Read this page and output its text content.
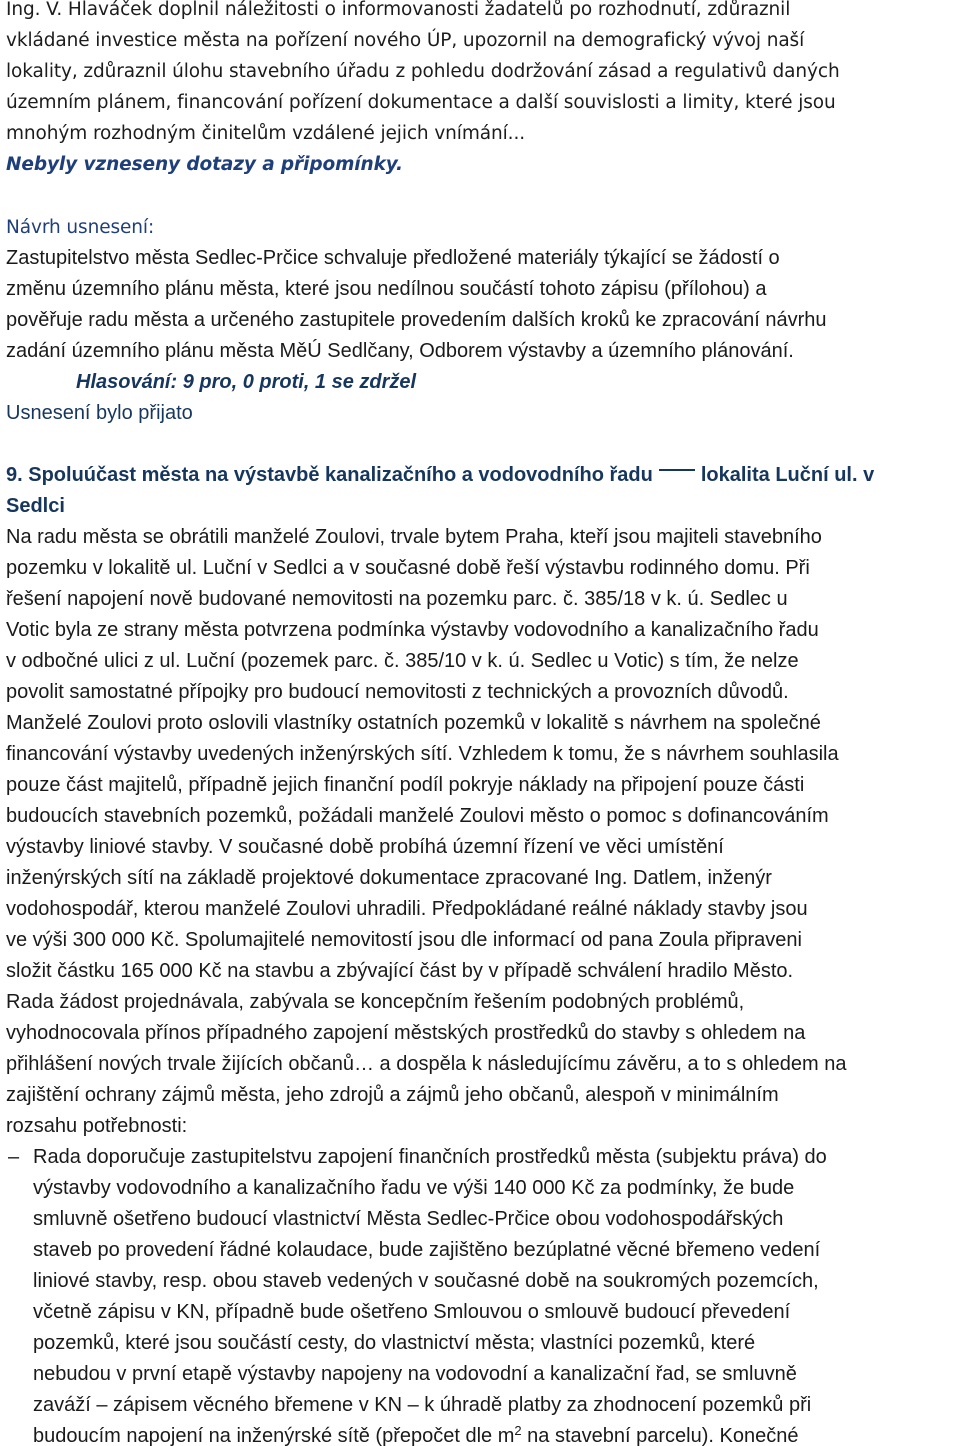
Ing. V. Hlaváček doplnil náležitosti o informovanosti žadatelů po rozhodnutí, zdůraznil
vkládané investice města na pořízení nového ÚP, upozornil na demografický vývoj naší
lokality, zdůraznil úlohu stavebního úřadu z pohledu dodržování zásad a regulativů daných
územním plánem, financování pořízení dokumentace a další souvislosti a limity, které jsou
mnohým rozhodným činitelům vzdálené jejich vnímání...
Nebyly vzneseny dotazy a připomínky.
Návrh usnesení:
Zastupitelstvo města Sedlec-Prčice schvaluje předložené materiály týkající se žádostí o
změnu územního plánu města, které jsou nedílnou součástí tohoto zápisu (přílohou) a
pověřuje radu města a určeného zastupitele provedením dalších kroků ke zpracování návrhu
zadání územního plánu města MěÚ Sedlčany, Odborem výstavby a územního plánování.
Hlasování: 9 pro, 0 proti, 1 se zdržel
Usnesení bylo přijato
9. Spoluúčast města na výstavbě kanalizačního a vodovodního řadu lokalita Luční ul. v
Sedlci
Na radu města se obrátili manželé Zoulovi, trvale bytem Praha, kteří jsou majiteli stavebního
pozemku v lokalitě ul. Luční v Sedlci a v současné době řeší výstavbu rodinného domu. Při
řešení napojení nově budované nemovitosti na pozemku parc. č. 385/18 v k. ú. Sedlec u
Votic byla ze strany města potvrzena podmínka výstavby vodovodního a kanalizačního řadu
v odbočné ulici z ul. Luční (pozemek parc. č. 385/10 v k. ú. Sedlec u Votic) s tím, že nelze
povolit samostatné přípojky pro budoucí nemovitosti z technických a provozních důvodů.
Manželé Zoulovi proto oslovili vlastníky ostatních pozemků v lokalitě s návrhem na společné
financování výstavby uvedených inženýrských sítí. Vzhledem k tomu, že s návrhem souhlasila
pouze část majitelů, případně jejich finanční podíl pokryje náklady na připojení pouze části
budoucích stavebních pozemků, požádali manželé Zoulovi město o pomoc s dofinancováním
výstavby liniové stavby. V současné době probíhá územní řízení ve věci umístění
inženýrských sítí na základě projektové dokumentace zpracované Ing. Datlem, inženýr
vodohospodář, kterou manželé Zoulovi uhradili. Předpokládané reálné náklady stavby jsou
ve výši 300 000 Kč. Spolumajitelé nemovitostí jsou dle informací od pana Zoula připraveni
složit částku 165 000 Kč na stavbu a zbývající část by v případě schválení hradilo Město.
Rada žádost projednávala, zabývala se koncepčním řešením podobných problémů,
vyhodnocovala přínos případného zapojení městských prostředků do stavby s ohledem na
přihlášení nových trvale žijících občanů… a dospěla k následujícímu závěru, a to s ohledem na
zajištění ochrany zájmů města, jeho zdrojů a zájmů jeho občanů, alespoň v minimálním
rozsahu potřebnosti:
– Rada doporučuje zastupitelstvu zapojení finančních prostředků města (subjektu práva) do
výstavby vodovodního a kanalizačního řadu ve výši 140 000 Kč za podmínky, že bude
smluvně ošetřeno budoucí vlastnictví Města Sedlec-Prčice obou vodohospodářských
staveb po provedení řádné kolaudace, bude zajištěno bezúplatné věcné břemeno vedení
liniové stavby, resp. obou staveb vedených v současné době na soukromých pozemcích,
včetně zápisu v KN, případně bude ošetřeno Smlouvou o smlouvě budoucí převedení
pozemků, které jsou součástí cesty, do vlastnictví města; vlastníci pozemků, které
nebudou v první etapě výstavby napojeny na vodovodní a kanalizační řad, se smluvně
zaváží – zápisem věcného břemene v KN – k úhradě platby za zhodnocení pozemků při
budoucím napojení na inženýrské sítě (přepočet dle $m^2$ na stavební parcelu). Konečné
